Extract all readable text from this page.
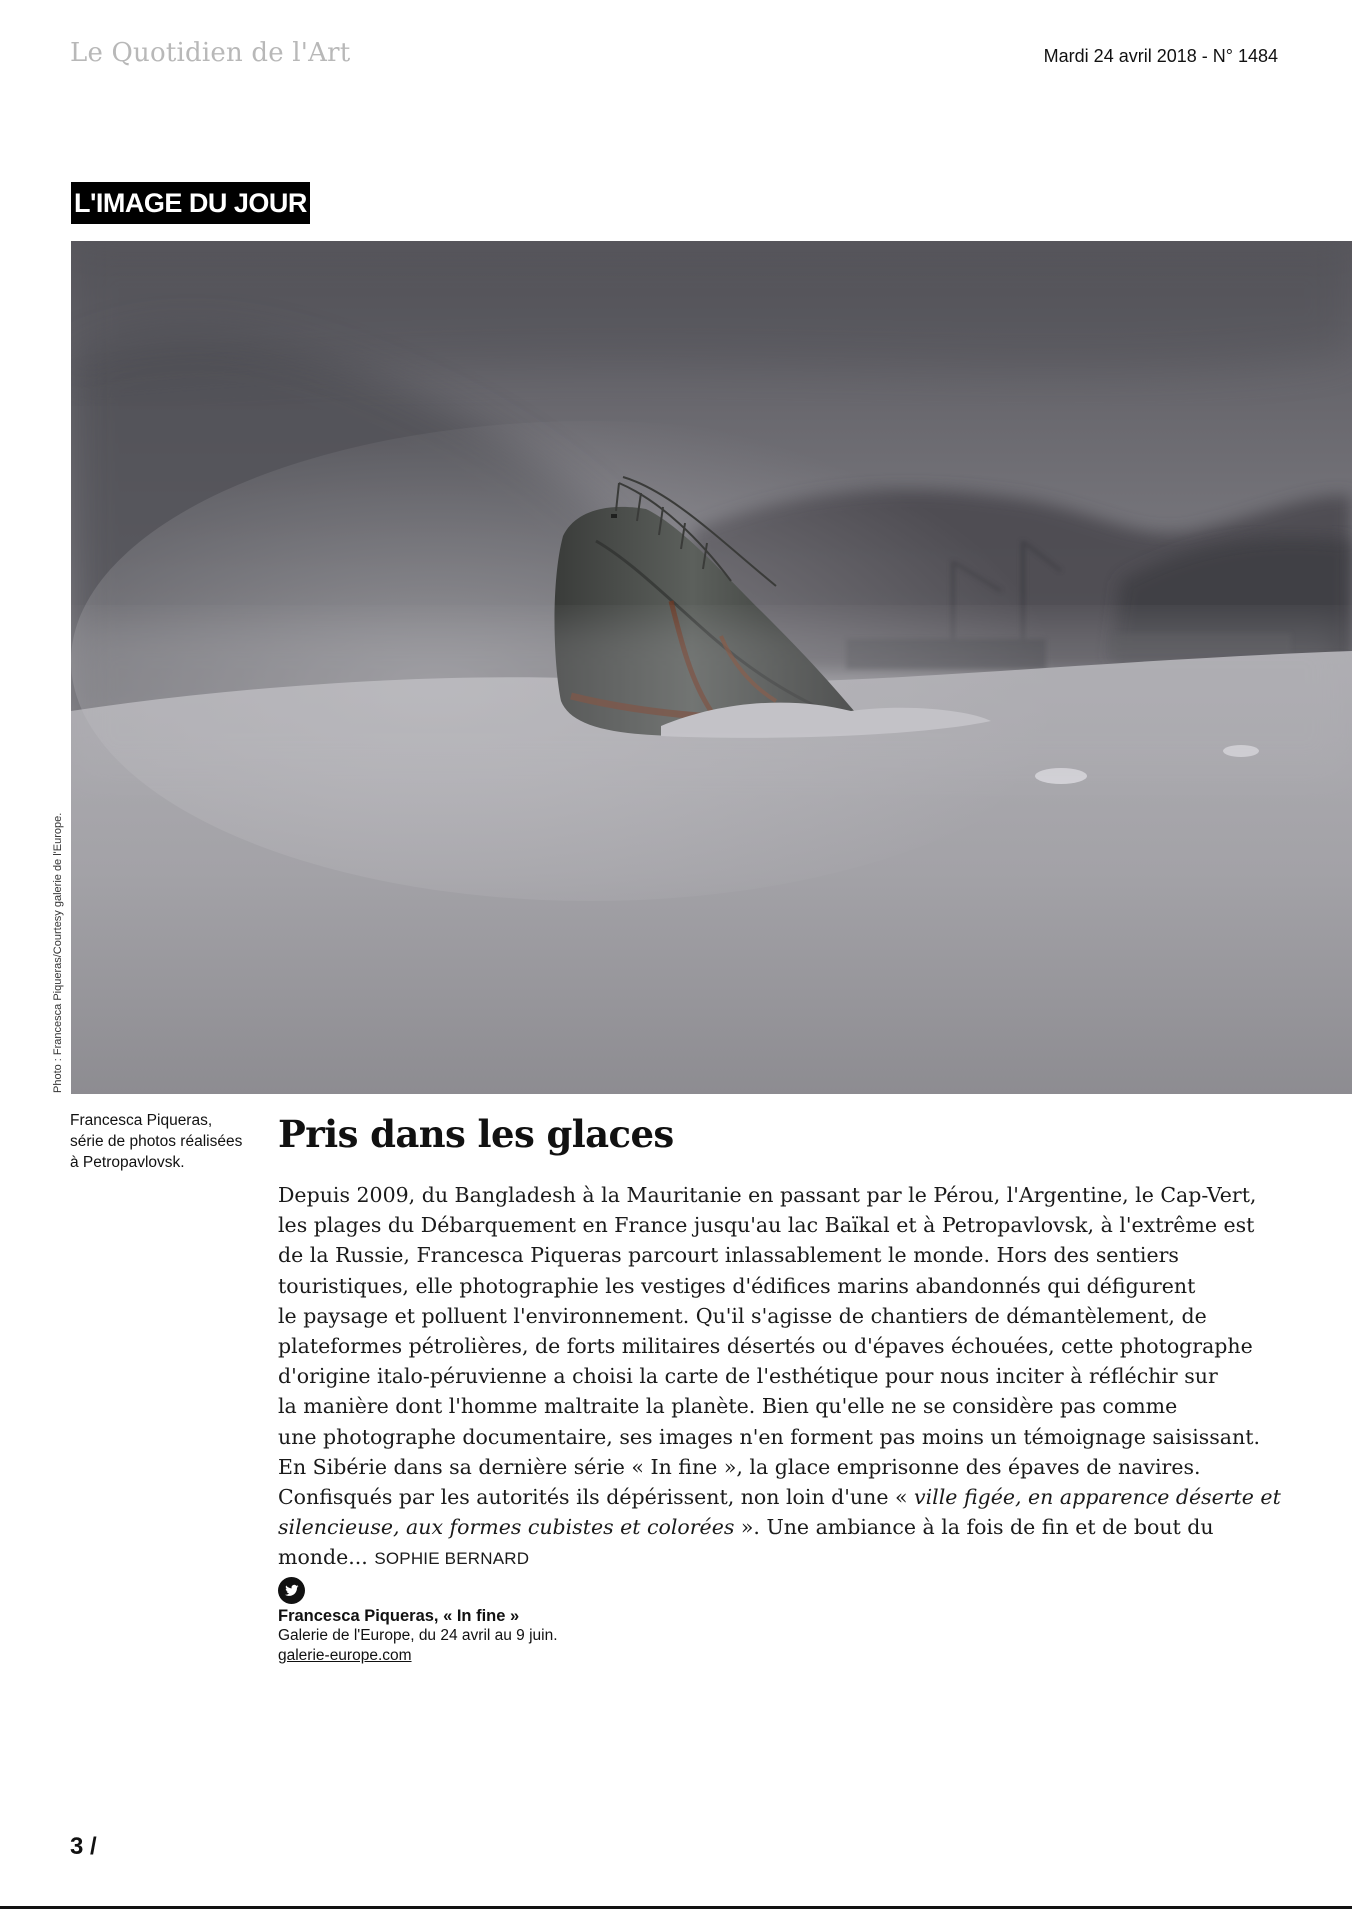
Le Quotidien de l'Art	Mardi 24 avril 2018 - N° 1484
L'IMAGE DU JOUR
Photo : Francesca Piqueras/Courtesy galerie de l'Europe.
Francesca Piqueras,
série de photos réalisées
à Petropavlovsk.
Pris dans les glaces
Depuis 2009, du Bangladesh à la Mauritanie en passant par le Pérou, l'Argentine, le Cap-Vert,
les plages du Débarquement en France jusqu'au lac Baïkal et à Petropavlovsk, à l'extrême est
de la Russie, Francesca Piqueras parcourt inlassablement le monde. Hors des sentiers
touristiques, elle photographie les vestiges d'édifices marins abandonnés qui défigurent
le paysage et polluent l'environnement. Qu'il s'agisse de chantiers de démantèlement, de
plateformes pétrolières, de forts militaires désertés ou d'épaves échouées, cette photographe
d'origine italo-péruvienne a choisi la carte de l'esthétique pour nous inciter à réfléchir sur
la manière dont l'homme maltraite la planète. Bien qu'elle ne se considère pas comme
une photographe documentaire, ses images n'en forment pas moins un témoignage saisissant.
En Sibérie dans sa dernière série « In fine », la glace emprisonne des épaves de navires.
Confisqués par les autorités ils dépérissent, non loin d'une « ville figée, en apparence déserte et
silencieuse, aux formes cubistes et colorées ». Une ambiance à la fois de fin et de bout du
monde... SOPHIE BERNARD
Francesca Piqueras, « In fine »
Galerie de l'Europe, du 24 avril au 9 juin.
galerie-europe.com
3 /
